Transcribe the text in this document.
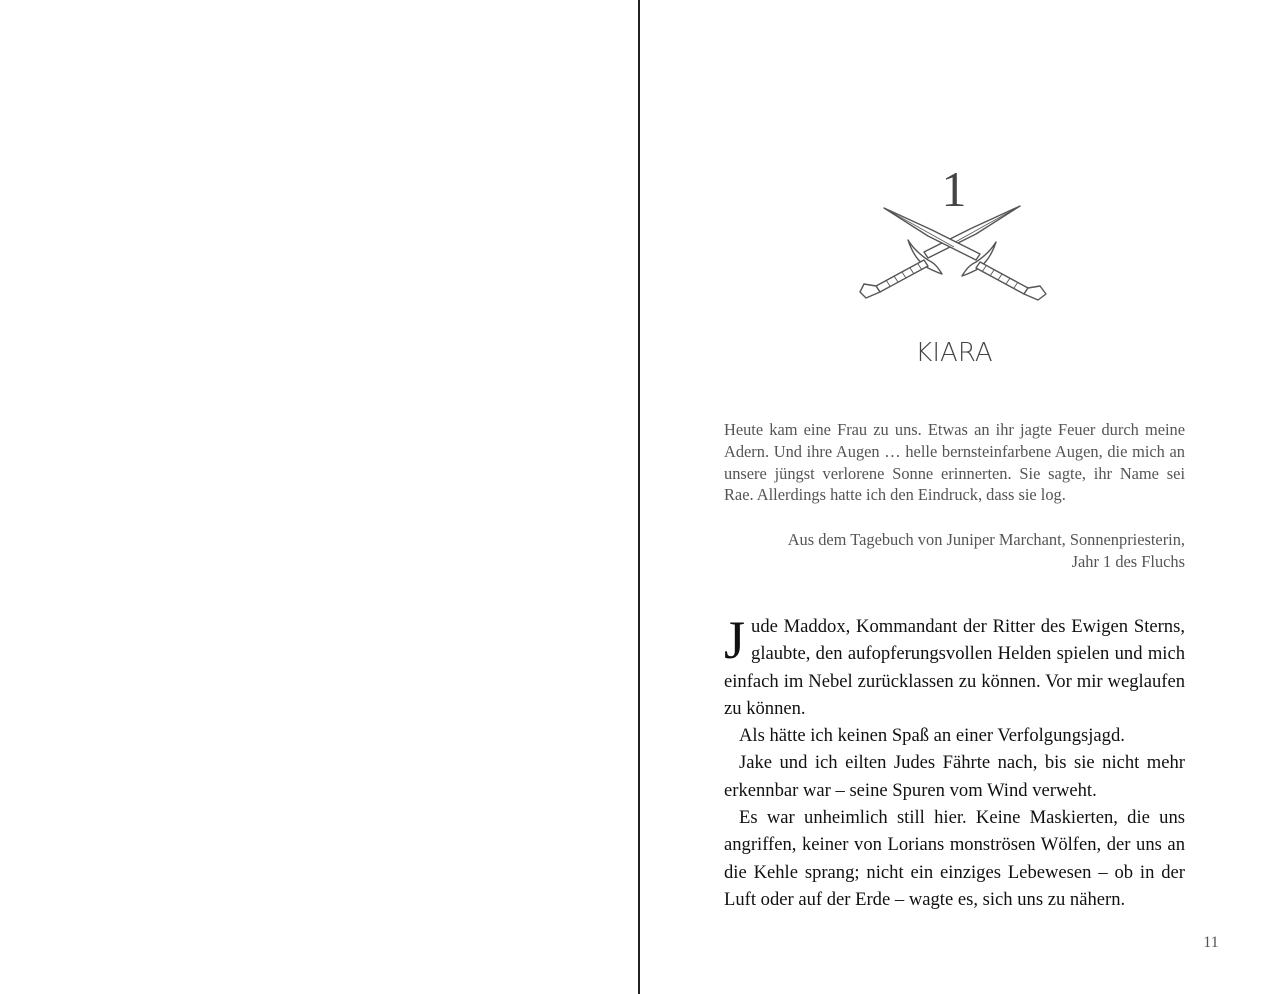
1
KIARA
Heute kam eine Frau zu uns. Etwas an ihr jagte Feuer durch meine Adern. Und ihre Augen … helle bernsteinfarbene Augen, die mich an unsere jüngst verlorene Sonne erinnerten. Sie sagte, ihr Name sei Rae. Allerdings hatte ich den Eindruck, dass sie log.
Aus dem Tagebuch von Juniper Marchant, Sonnenpriesterin,
Jahr 1 des Fluchs

Jude Maddox, Kommandant der Ritter des Ewigen Sterns, glaubte, den aufopferungsvollen Helden spielen und mich einfach im Nebel zurücklassen zu können. Vor mir weglaufen zu können.

Als hätte ich keinen Spaß an einer Verfolgungsjagd.

Jake und ich eilten Judes Fährte nach, bis sie nicht mehr erkennbar war – seine Spuren vom Wind verweht.

Es war unheimlich still hier. Keine Maskierten, die uns angriffen, keiner von Lorians monströsen Wölfen, der uns an die Kehle sprang; nicht ein einziges Lebewesen – ob in der Luft oder auf der Erde – wagte es, sich uns zu nähern.

11
